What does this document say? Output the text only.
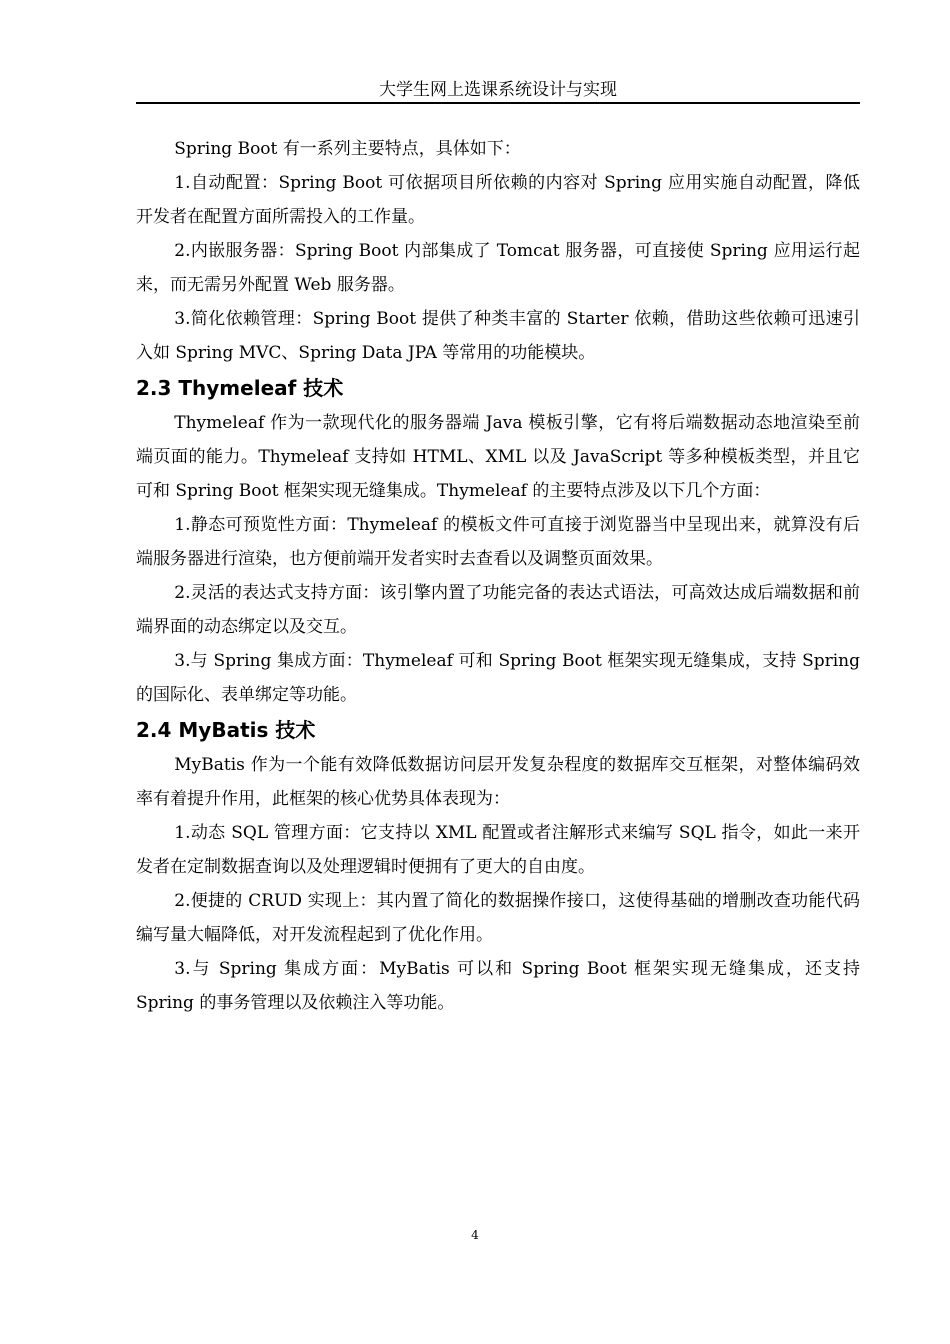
大学生网上选课系统设计与实现

Spring Boot 有一系列主要特点，具体如下：

1.自动配置：Spring Boot 可依据项目所依赖的内容对 Spring 应用实施自动配置，降低开发者在配置方面所需投入的工作量。

2.内嵌服务器：Spring Boot 内部集成了 Tomcat 服务器，可直接使 Spring 应用运行起来，而无需另外配置 Web 服务器。

3.简化依赖管理：Spring Boot 提供了种类丰富的 Starter 依赖，借助这些依赖可迅速引入如 Spring MVC、Spring Data JPA 等常用的功能模块。

2.3 Thymeleaf 技术

Thymeleaf 作为一款现代化的服务器端 Java 模板引擎，它有将后端数据动态地渲染至前端页面的能力。Thymeleaf 支持如 HTML、XML 以及 JavaScript 等多种模板类型，并且它可和 Spring Boot 框架实现无缝集成。Thymeleaf 的主要特点涉及以下几个方面：

1.静态可预览性方面：Thymeleaf 的模板文件可直接于浏览器当中呈现出来，就算没有后端服务器进行渲染，也方便前端开发者实时去查看以及调整页面效果。

2.灵活的表达式支持方面：该引擎内置了功能完备的表达式语法，可高效达成后端数据和前端界面的动态绑定以及交互。

3.与 Spring 集成方面：Thymeleaf 可和 Spring Boot 框架实现无缝集成，支持 Spring 的国际化、表单绑定等功能。

2.4 MyBatis 技术

MyBatis 作为一个能有效降低数据访问层开发复杂程度的数据库交互框架，对整体编码效率有着提升作用，此框架的核心优势具体表现为：

1.动态 SQL 管理方面：它支持以 XML 配置或者注解形式来编写 SQL 指令，如此一来开发者在定制数据查询以及处理逻辑时便拥有了更大的自由度。

2.便捷的 CRUD 实现上：其内置了简化的数据操作接口，这使得基础的增删改查功能代码编写量大幅降低，对开发流程起到了优化作用。

3.与 Spring 集成方面：MyBatis 可以和 Spring Boot 框架实现无缝集成，还支持 Spring 的事务管理以及依赖注入等功能。

4
